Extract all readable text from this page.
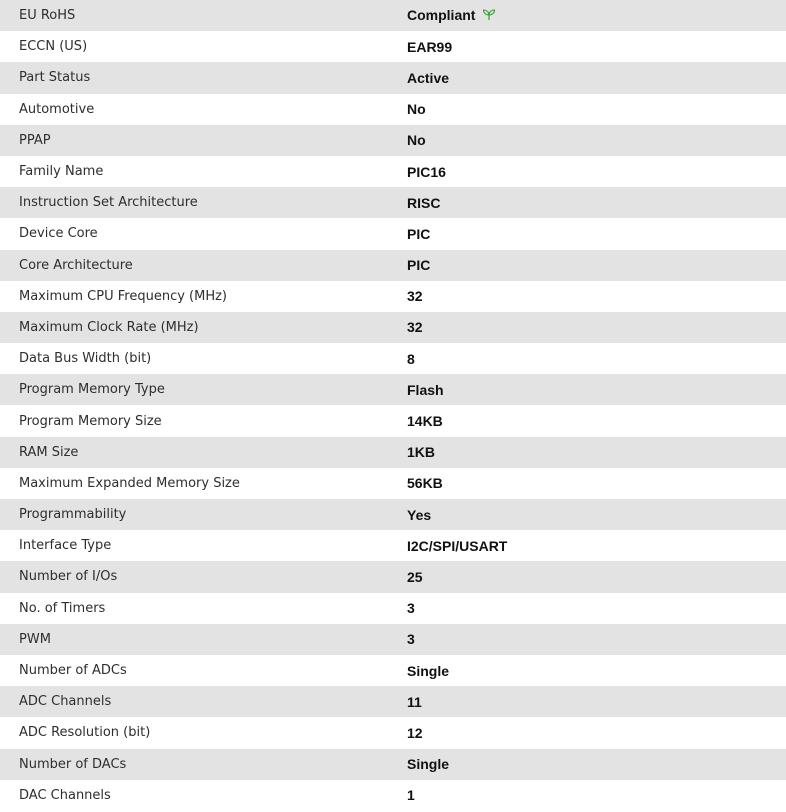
EU RoHS	Compliant
ECCN (US)	EAR99
Part Status	Active
Automotive	No
PPAP	No
Family Name	PIC16
Instruction Set Architecture	RISC
Device Core	PIC
Core Architecture	PIC
Maximum CPU Frequency (MHz)	32
Maximum Clock Rate (MHz)	32
Data Bus Width (bit)	8
Program Memory Type	Flash
Program Memory Size	14KB
RAM Size	1KB
Maximum Expanded Memory Size	56KB
Programmability	Yes
Interface Type	I2C/SPI/USART
Number of I/Os	25
No. of Timers	3
PWM	3
Number of ADCs	Single
ADC Channels	11
ADC Resolution (bit)	12
Number of DACs	Single
DAC Channels	1
